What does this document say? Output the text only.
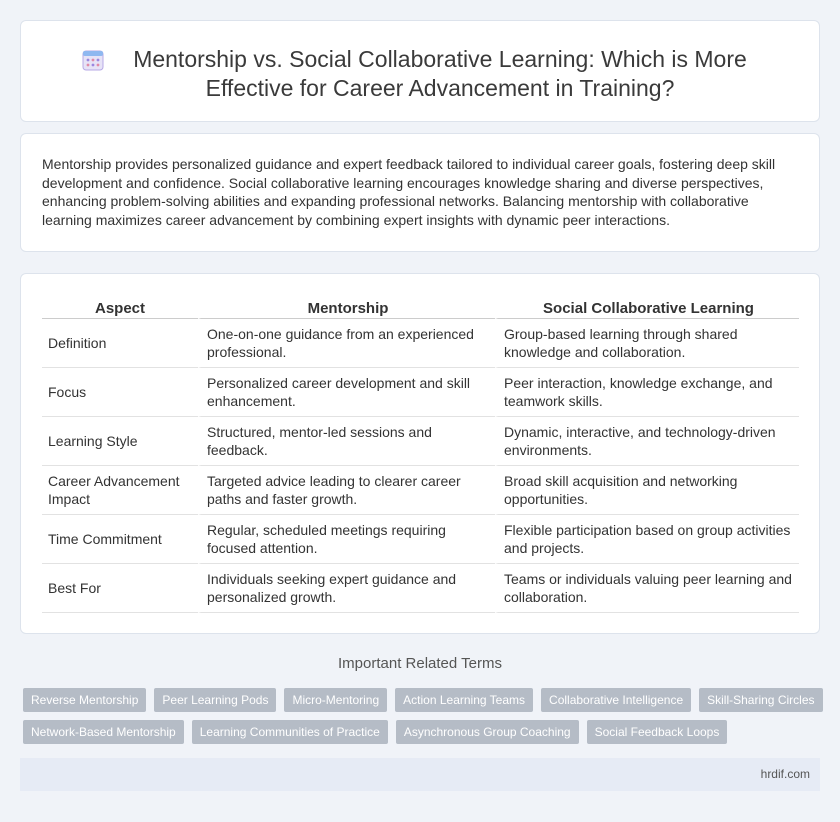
Mentorship vs. Social Collaborative Learning: Which is More Effective for Career Advancement in Training?

Mentorship provides personalized guidance and expert feedback tailored to individual career goals, fostering deep skill development and confidence. Social collaborative learning encourages knowledge sharing and diverse perspectives, enhancing problem-solving abilities and expanding professional networks. Balancing mentorship with collaborative learning maximizes career advancement by combining expert insights with dynamic peer interactions.

Aspect	Mentorship	Social Collaborative Learning
Definition	One-on-one guidance from an experienced professional.	Group-based learning through shared knowledge and collaboration.
Focus	Personalized career development and skill enhancement.	Peer interaction, knowledge exchange, and teamwork skills.
Learning Style	Structured, mentor-led sessions and feedback.	Dynamic, interactive, and technology-driven environments.
Career Advancement Impact	Targeted advice leading to clearer career paths and faster growth.	Broad skill acquisition and networking opportunities.
Time Commitment	Regular, scheduled meetings requiring focused attention.	Flexible participation based on group activities and projects.
Best For	Individuals seeking expert guidance and personalized growth.	Teams or individuals valuing peer learning and collaboration.
Important Related Terms
Reverse Mentorship	Peer Learning Pods	Micro-Mentoring	Action Learning Teams	Collaborative Intelligence	Skill-Sharing Circles
Network-Based Mentorship	Learning Communities of Practice	Asynchronous Group Coaching	Social Feedback Loops
hrdif.com
